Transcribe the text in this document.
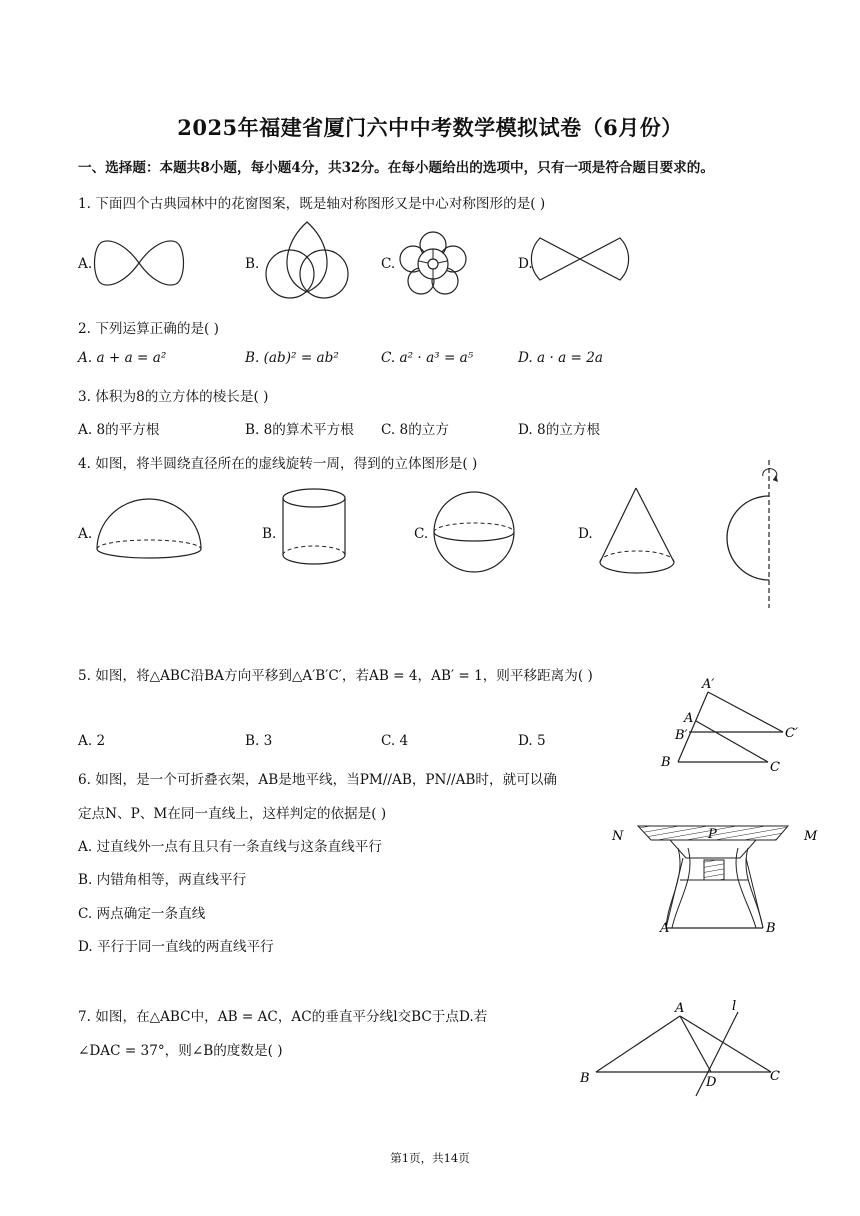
2025年福建省厦门六中中考数学模拟试卷（6月份）
一、选择题：本题共8小题，每小题4分，共32分。在每小题给出的选项中，只有一项是符合题目要求的。
1. 下面四个古典园林中的花窗图案，既是轴对称图形又是中心对称图形的是( )
A.	B.	C.	D.
2. 下列运算正确的是( )
A. a + a = a²	B. (ab)² = ab²	C. a² · a³ = a⁵	D. a · a = 2a
3. 体积为8的立方体的棱长是( )
A. 8的平方根	B. 8的算术平方根 C. 8的立方	D. 8的立方根
4. 如图，将半圆绕直径所在的虚线旋转一周，得到的立体图形是( )
A.	B.	C.	D.
5. 如图，将△ABC沿BA方向平移到△A′B′C′，若AB = 4，AB′ = 1，则平移距离为( )
A. 2	B. 3	C. 4	D. 5
A′
A
B′	C′
B	C
6. 如图，是一个可折叠衣架，AB是地平线，当PM//AB，PN//AB时，就可以确
定点N、P、M在同一直线上，这样判定的依据是( )
A. 过直线外一点有且只有一条直线与这条直线平行
B. 内错角相等，两直线平行
C. 两点确定一条直线
D. 平行于同一直线的两直线平行
N	P	M
A	B
7. 如图，在△ABC中，AB = AC，AC的垂直平分线l交BC于点D.若
∠DAC = 37°，则∠B的度数是( )
A	l
B	D	C
第1页，共14页
